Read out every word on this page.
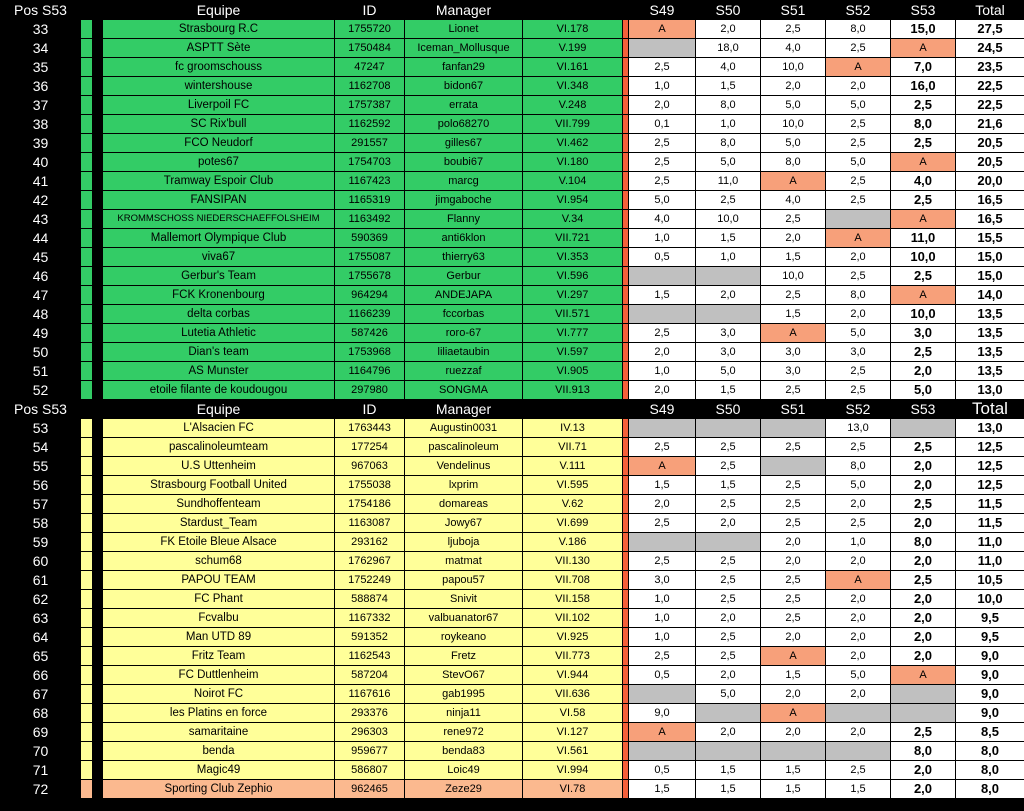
Pos S53			Equipe	ID	Manager			S49	S50	S51	S52	S53	Total
33			Strasbourg R.C	1755720	Lionet	VI.178		A	2,0	2,5	8,0	15,0	27,5
34			ASPTT Sète	1750484	Iceman_Mollusque	V.199			18,0	4,0	2,5	A	24,5
35			fc groomschouss	47247	fanfan29	VI.161		2,5	4,0	10,0	A	7,0	23,5
36			wintershouse	1162708	bidon67	VI.348		1,0	1,5	2,0	2,0	16,0	22,5
37			Liverpoil FC	1757387	errata	V.248		2,0	8,0	5,0	5,0	2,5	22,5
38			SC Rix'bull	1162592	polo68270	VII.799		0,1	1,0	10,0	2,5	8,0	21,6
39			FCO Neudorf	291557	gilles67	VI.462		2,5	8,0	5,0	2,5	2,5	20,5
40			potes67	1754703	boubi67	VI.180		2,5	5,0	8,0	5,0	A	20,5
41			Tramway Espoir Club	1167423	marcg	V.104		2,5	11,0	A	2,5	4,0	20,0
42			FANSIPAN	1165319	jimgaboche	VI.954		5,0	2,5	4,0	2,5	2,5	16,5
43			KROMMSCHOSS NIEDERSCHAEFFOLSHEIM	1163492	Flanny	V.34		4,0	10,0	2,5		A	16,5
44			Mallemort Olympique Club	590369	anti6klon	VII.721		1,0	1,5	2,0	A	11,0	15,5
45			viva67	1755087	thierry63	VI.353		0,5	1,0	1,5	2,0	10,0	15,0
46			Gerbur's Team	1755678	Gerbur	VI.596				10,0	2,5	2,5	15,0
47			FCK Kronenbourg	964294	ANDEJAPA	VI.297		1,5	2,0	2,5	8,0	A	14,0
48			delta corbas	1166239	fccorbas	VII.571				1,5	2,0	10,0	13,5
49			Lutetia Athletic	587426	roro-67	VI.777		2,5	3,0	A	5,0	3,0	13,5
50			Dian's team	1753968	liliaetaubin	VI.597		2,0	3,0	3,0	3,0	2,5	13,5
51			AS Munster	1164796	ruezzaf	VI.905		1,0	5,0	3,0	2,5	2,0	13,5
52			etoile filante de koudougou	297980	SONGMA	VII.913		2,0	1,5	2,5	2,5	5,0	13,0
Pos S53			Equipe	ID	Manager			S49	S50	S51	S52	S53	Total
53			L'Alsacien FC	1763443	Augustin0031	IV.13					13,0		13,0
54			pascalinoleumteam	177254	pascalinoleum	VII.71		2,5	2,5	2,5	2,5	2,5	12,5
55			U.S Uttenheim	967063	Vendelinus	V.111		A	2,5		8,0	2,0	12,5
56			Strasbourg Football United	1755038	lxprim	VI.595		1,5	1,5	2,5	5,0	2,0	12,5
57			Sundhoffenteam	1754186	domareas	V.62		2,0	2,5	2,5	2,0	2,5	11,5
58			Stardust_Team	1163087	Jowy67	VI.699		2,5	2,0	2,5	2,5	2,0	11,5
59			FK Etoile Bleue Alsace	293162	ljuboja	V.186				2,0	1,0	8,0	11,0
60			schum68	1762967	matmat	VII.130		2,5	2,5	2,0	2,0	2,0	11,0
61			PAPOU TEAM	1752249	papou57	VII.708		3,0	2,5	2,5	A	2,5	10,5
62			FC Phant	588874	Snivit	VII.158		1,0	2,5	2,5	2,0	2,0	10,0
63			Fcvalbu	1167332	valbuanator67	VII.102		1,0	2,0	2,5	2,0	2,0	9,5
64			Man UTD 89	591352	roykeano	VI.925		1,0	2,5	2,0	2,0	2,0	9,5
65			Fritz Team	1162543	Fretz	VII.773		2,5	2,5	A	2,0	2,0	9,0
66			FC Duttlenheim	587204	StevO67	VI.944		0,5	2,0	1,5	5,0	A	9,0
67			Noirot FC	1167616	gab1995	VII.636			5,0	2,0	2,0		9,0
68			les Platins en force	293376	ninja11	VI.58		9,0		A			9,0
69			samaritaine	296303	rene972	VI.127		A	2,0	2,0	2,0	2,5	8,5
70			benda	959677	benda83	VI.561						8,0	8,0
71			Magic49	586807	Loic49	VI.994		0,5	1,5	1,5	2,5	2,0	8,0
72			Sporting Club Zephio	962465	Zeze29	VI.78		1,5	1,5	1,5	1,5	2,0	8,0
